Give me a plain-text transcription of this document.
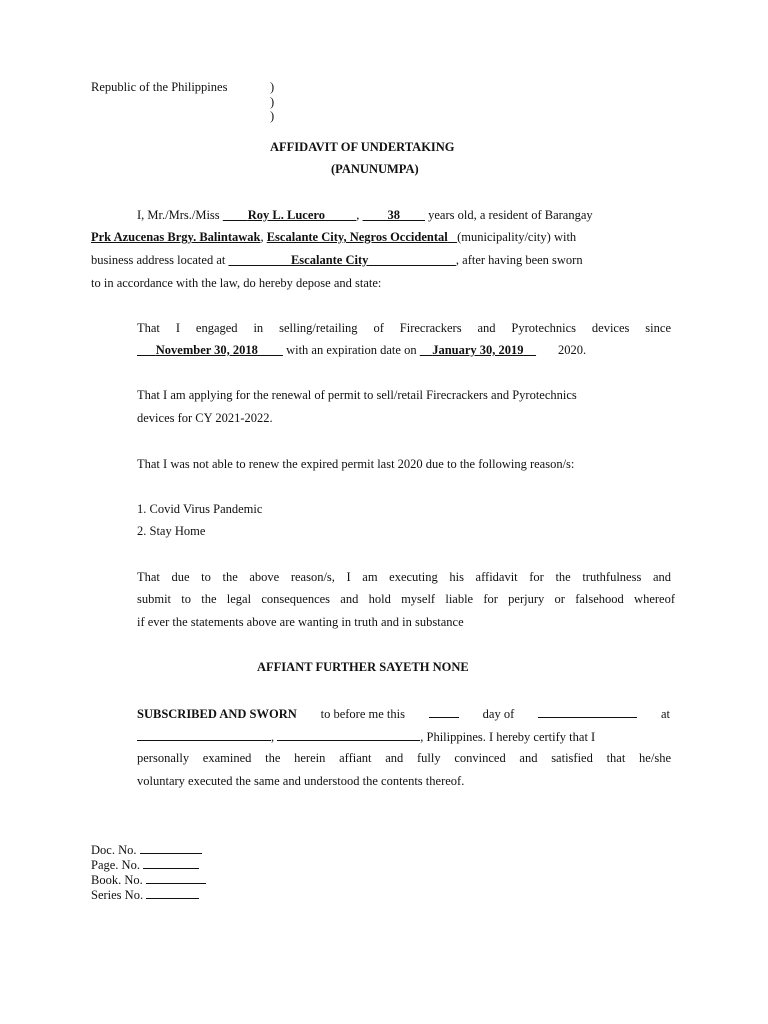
Republic of the Philippines	)
)
)
AFFIDAVIT OF UNDERTAKING
(PANUNUMPA)
I, Mr./Mrs./Miss Roy L. Lucero	, 38 years old, a resident of Barangay
Prk Azucenas Brgy. Balintawak, Escalante City, Negros Occidental (municipality/city) with
business address located at	Escalante City	, after having been sworn
to in accordance with the law, do hereby depose and state:
That I engaged in selling/retailing of Firecrackers and Pyrotechnics devices since
November 30, 2018 with an expiration date on January 30, 2019	2020.
That I am applying for the renewal of permit to sell/retail Firecrackers and Pyrotechnics
devices for CY 2021-2022.
That I was not able to renew the expired permit last 2020 due to the following reason/s:
1. Covid Virus Pandemic
2. Stay Home
That due to the above reason/s, I am executing his affidavit for the truthfulness and
submit to the legal consequences and hold myself liable for perjury or falsehood whereof
if ever the statements above are wanting in truth and in substance
AFFIANT FURTHER SAYETH NONE
SUBSCRIBED AND SWORN to before me this	day of	at
,	, Philippines. I hereby certify that I
personally examined the herein affiant and fully convinced and satisfied that he/she
voluntary executed the same and understood the contents thereof.
Doc. No.
Page. No.
Book. No.
Series No.
